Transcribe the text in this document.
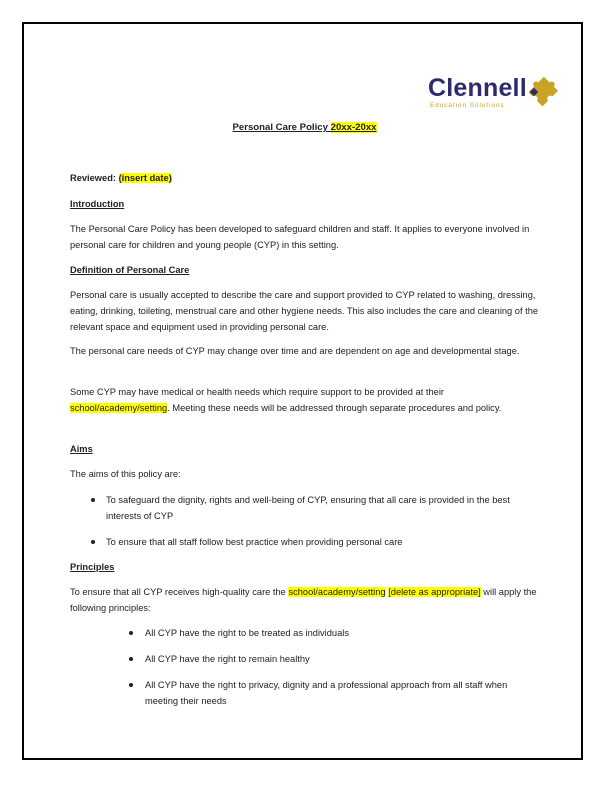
Clennell
Education Solutions
Personal Care Policy 20xx-20xx

Reviewed: (insert date)

Introduction

The Personal Care Policy has been developed to safeguard children and staff. It applies to everyone involved in personal care for children and young people (CYP) in this setting.

Definition of Personal Care

Personal care is usually accepted to describe the care and support provided to CYP related to washing, dressing, eating, drinking, toileting, menstrual care and other hygiene needs. This also includes the care and cleaning of the relevant space and equipment used in providing personal care.

The personal care needs of CYP may change over time and are dependent on age and developmental stage.

Some CYP may have medical or health needs which require support to be provided at their school/academy/setting. Meeting these needs will be addressed through separate procedures and policy.

Aims

The aims of this policy are:

To safeguard the dignity, rights and well-being of CYP, ensuring that all care is provided in the best interests of CYP

To ensure that all staff follow best practice when providing personal care

Principles

To ensure that all CYP receives high-quality care the school/academy/setting [delete as appropriate] will apply the following principles:

All CYP have the right to be treated as individuals

All CYP have the right to remain healthy

All CYP have the right to privacy, dignity and a professional approach from all staff when meeting their needs
